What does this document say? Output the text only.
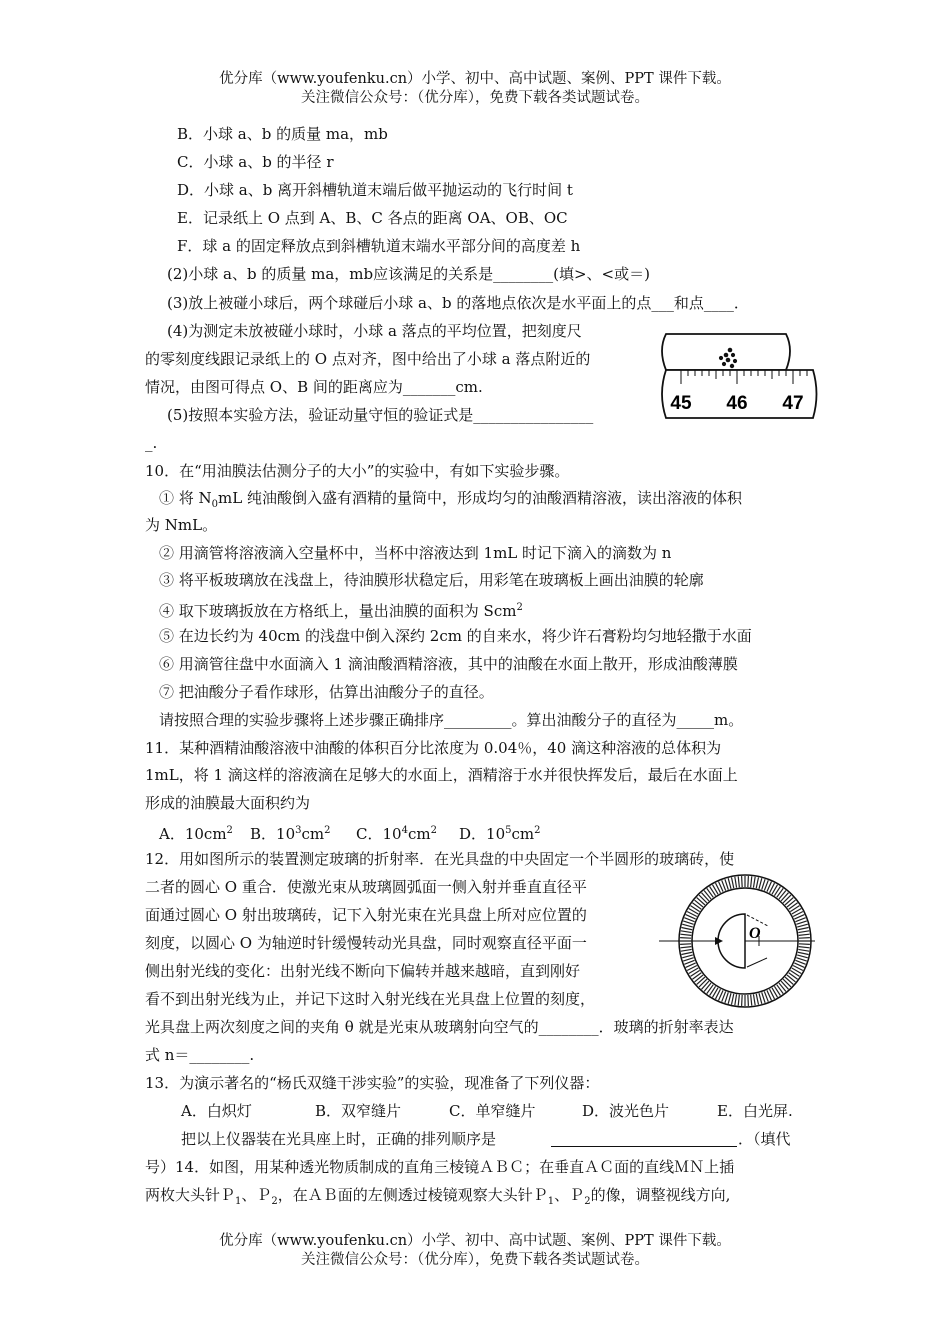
优分库（www.youfenku.cn）小学、初中、高中试题、案例、PPT 课件下载。
关注微信公众号：（优分库），免费下载各类试题试卷。
B．小球 a、b 的质量 ma，mb
C．小球 a、b 的半径 r
D．小球 a、b 离开斜槽轨道末端后做平抛运动的飞行时间 t
E．记录纸上 O 点到 A、B、C 各点的距离 OA、OB、OC
F．球 a 的固定释放点到斜槽轨道末端水平部分间的高度差 h
(2)小球 a、b 的质量 ma，mb应该满足的关系是________(填>、<或＝)
(3)放上被碰小球后，两个球碰后小球 a、b 的落地点依次是水平面上的点___和点____．
(4)为测定未放被碰小球时，小球 a 落点的平均位置，把刻度尺
的零刻度线跟记录纸上的 O 点对齐，图中给出了小球 a 落点附近的
情况，由图可得点 O、B 间的距离应为_______cm.
(5)按照本实验方法，验证动量守恒的验证式是________________
_.
45 46 47
10．在“用油膜法估测分子的大小”的实验中，有如下实验步骤。
① 将 $N_0mL$ 纯油酸倒入盛有酒精的量筒中，形成均匀的油酸酒精溶液，读出溶液的体积
为 NmL。
② 用滴管将溶液滴入空量杯中，当杯中溶液达到 1mL 时记下滴入的滴数为 n
③ 将平板玻璃放在浅盘上，待油膜形状稳定后，用彩笔在玻璃板上画出油膜的轮廓
④ 取下玻璃扳放在方格纸上，量出油膜的面积为 Scm$^2$
⑤ 在边长约为 40cm 的浅盘中倒入深约 2cm 的自来水，将少许石膏粉均匀地轻撒于水面
⑥ 用滴管往盘中水面滴入 1 滴油酸酒精溶液，其中的油酸在水面上散开，形成油酸薄膜
⑦ 把油酸分子看作球形，估算出油酸分子的直径。
请按照合理的实验步骤将上述步骤正确排序_________。算出油酸分子的直径为_____m。
11．某种酒精油酸溶液中油酸的体积百分比浓度为 0.04％，40 滴这种溶液的总体积为
1mL，将 1 滴这样的溶液滴在足够大的水面上，酒精溶于水并很快挥发后，最后在水面上
形成的油膜最大面积约为
A．$10cm^2$ B．$10^3cm^2$ C．$10^4cm^2$ D．$10^5cm^2$
12．用如图所示的装置测定玻璃的折射率．在光具盘的中央固定一个半圆形的玻璃砖，使
二者的圆心 O 重合．使激光束从玻璃圆弧面一侧入射并垂直直径平
面通过圆心 O 射出玻璃砖，记下入射光束在光具盘上所对应位置的
刻度，以圆心 O 为轴逆时针缓慢转动光具盘，同时观察直径平面一
侧出射光线的变化：出射光线不断向下偏转并越来越暗，直到刚好
看不到出射光线为止，并记下这时入射光线在光具盘上位置的刻度，
光具盘上两次刻度之间的夹角 θ 就是光束从玻璃射向空气的________．玻璃的折射率表达
式 n＝________.
O
13．为演示著名的“杨氏双缝干涉实验”的实验，现准备了下列仪器：
A．白炽灯	B．双窄缝片	C．单窄缝片	D．波光色片	E．白光屏.
把以上仪器装在光具座上时，正确的排列顺序是	．（填代
号）14．如图，用某种透光物质制成的直角三棱镜ＡＢＣ；在垂直ＡＣ面的直线ＭＮ上插
两枚大头针Ｐ$_1$、Ｐ$_2$，在ＡＢ面的左侧透过棱镜观察大头针Ｐ$_1$、Ｐ$_2$的像，调整视线方向,
优分库（www.youfenku.cn）小学、初中、高中试题、案例、PPT 课件下载。
关注微信公众号：（优分库），免费下载各类试题试卷。
